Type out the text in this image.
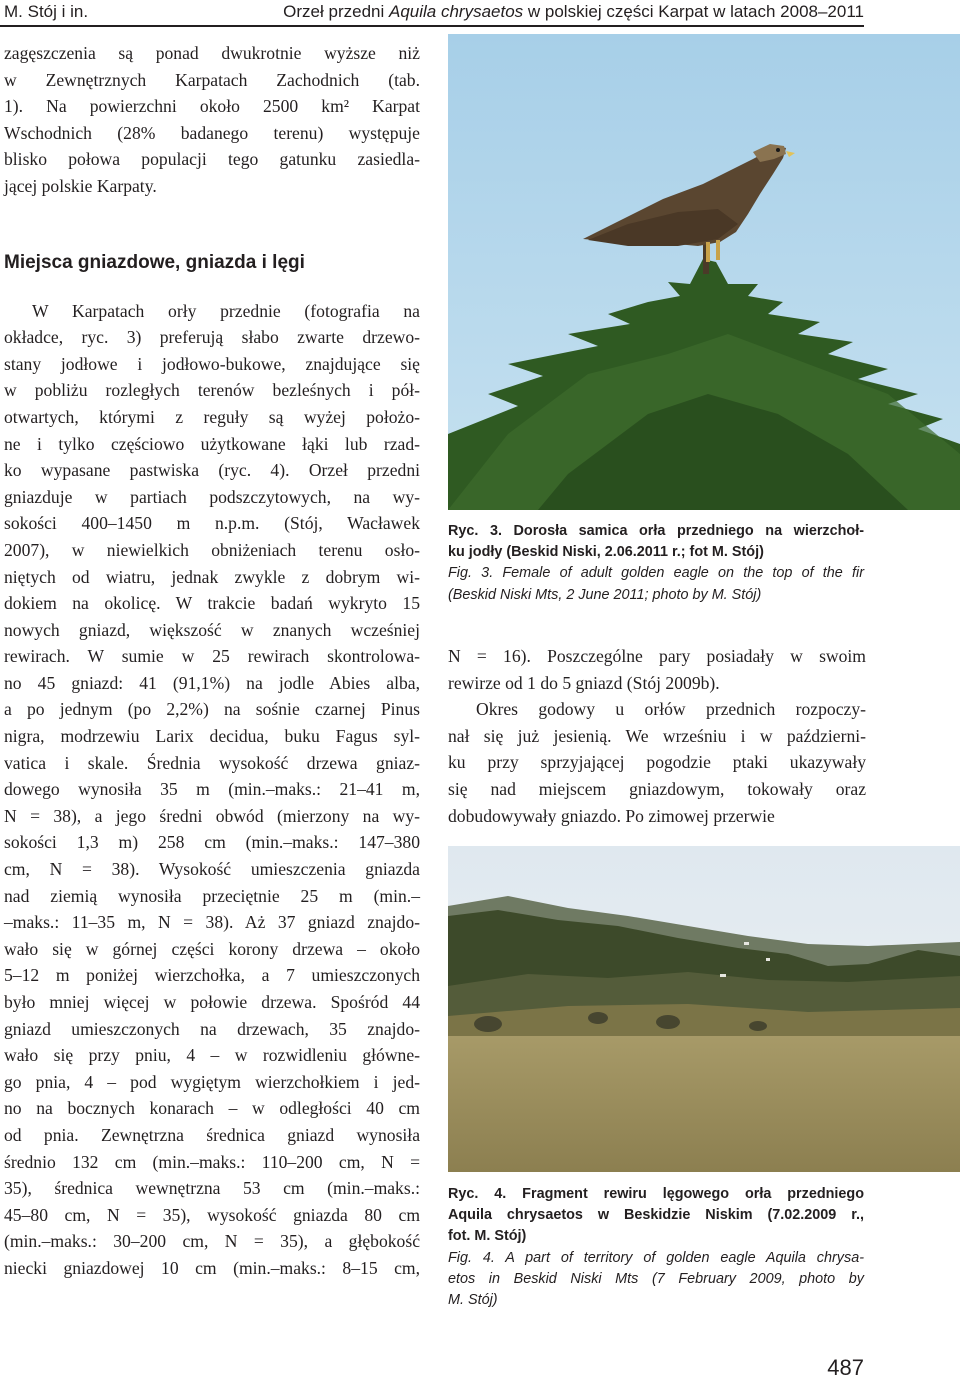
M. Stój i in.	Orzeł przedni Aquila chrysaetos w polskiej części Karpat w latach 2008–2011

zagęszczenia są ponad dwukrotnie wyższe niż
w Zewnętrznych Karpatach Zachodnich (tab.
1). Na powierzchni około 2500 km² Karpat
Wschodnich (28% badanego terenu) występuje
blisko połowa populacji tego gatunku zasiedla-
jącej polskie Karpaty.

Miejsca gniazdowe, gniazda i lęgi

W Karpatach orły przednie (fotografia na
okładce, ryc. 3) preferują słabo zwarte drzewo-
stany jodłowe i jodłowo-bukowe, znajdujące się
w pobliżu rozległych terenów bezleśnych i pół-
otwartych, którymi z reguły są wyżej położo-
ne i tylko częściowo użytkowane łąki lub rzad-
ko wypasane pastwiska (ryc. 4). Orzeł przedni
gniazduje w partiach podszczytowych, na wy-
sokości 400–1450 m n.p.m. (Stój, Wacławek
2007), w niewielkich obniżeniach terenu osło-
niętych od wiatru, jednak zwykle z dobrym wi-
dokiem na okolicę. W trakcie badań wykryto 15
nowych gniazd, większość w znanych wcześniej
rewirach. W sumie w 25 rewirach skontrolowa-
no 45 gniazd: 41 (91,1%) na jodle Abies alba,
a po jednym (po 2,2%) na sośnie czarnej Pinus
nigra, modrzewiu Larix decidua, buku Fagus syl-
vatica i skale. Średnia wysokość drzewa gniaz-
dowego wynosiła 35 m (min.–maks.: 21–41 m,
N = 38), a jego średni obwód (mierzony na wy-
sokości 1,3 m) 258 cm (min.–maks.: 147–380
cm, N = 38). Wysokość umieszczenia gniazda
nad ziemią wynosiła przeciętnie 25 m (min.–
–maks.: 11–35 m, N = 38). Aż 37 gniazd znajdo-
wało się w górnej części korony drzewa – około
5–12 m poniżej wierzchołka, a 7 umieszczonych
było mniej więcej w połowie drzewa. Spośród 44
gniazd umieszczonych na drzewach, 35 znajdo-
wało się przy pniu, 4 – w rozwidleniu główne-
go pnia, 4 – pod wygiętym wierzchołkiem i jed-
no na bocznych konarach – w odległości 40 cm
od pnia. Zewnętrzna średnica gniazd wynosiła
średnio 132 cm (min.–maks.: 110–200 cm, N =
35), średnica wewnętrzna 53 cm (min.–maks.:
45–80 cm, N = 35), wysokość gniazda 80 cm
(min.–maks.: 30–200 cm, N = 35), a głębokość
niecki gniazdowej 10 cm (min.–maks.: 8–15 cm,

Ryc. 3. Dorosła samica orła przedniego na wierzchoł-
ku jodły (Beskid Niski, 2.06.2011 r.; fot M. Stój)
Fig. 3. Female of adult golden eagle on the top of the fir
(Beskid Niski Mts, 2 June 2011; photo by M. Stój)

N = 16). Poszczególne pary posiadały w swoim
rewirze od 1 do 5 gniazd (Stój 2009b).
Okres godowy u orłów przednich rozpoczy-
nał się już jesienią. We wrześniu i w październi-
ku przy sprzyjającej pogodzie ptaki ukazywały
się nad miejscem gniazdowym, tokowały oraz
dobudowywały gniazdo. Po zimowej przerwie

Ryc. 4. Fragment rewiru lęgowego orła przedniego
Aquila chrysaetos w Beskidzie Niskim (7.02.2009 r.,
fot. M. Stój)
Fig. 4. A part of territory of golden eagle Aquila chrysa-
etos in Beskid Niski Mts (7 February 2009, photo by
M. Stój)
487
